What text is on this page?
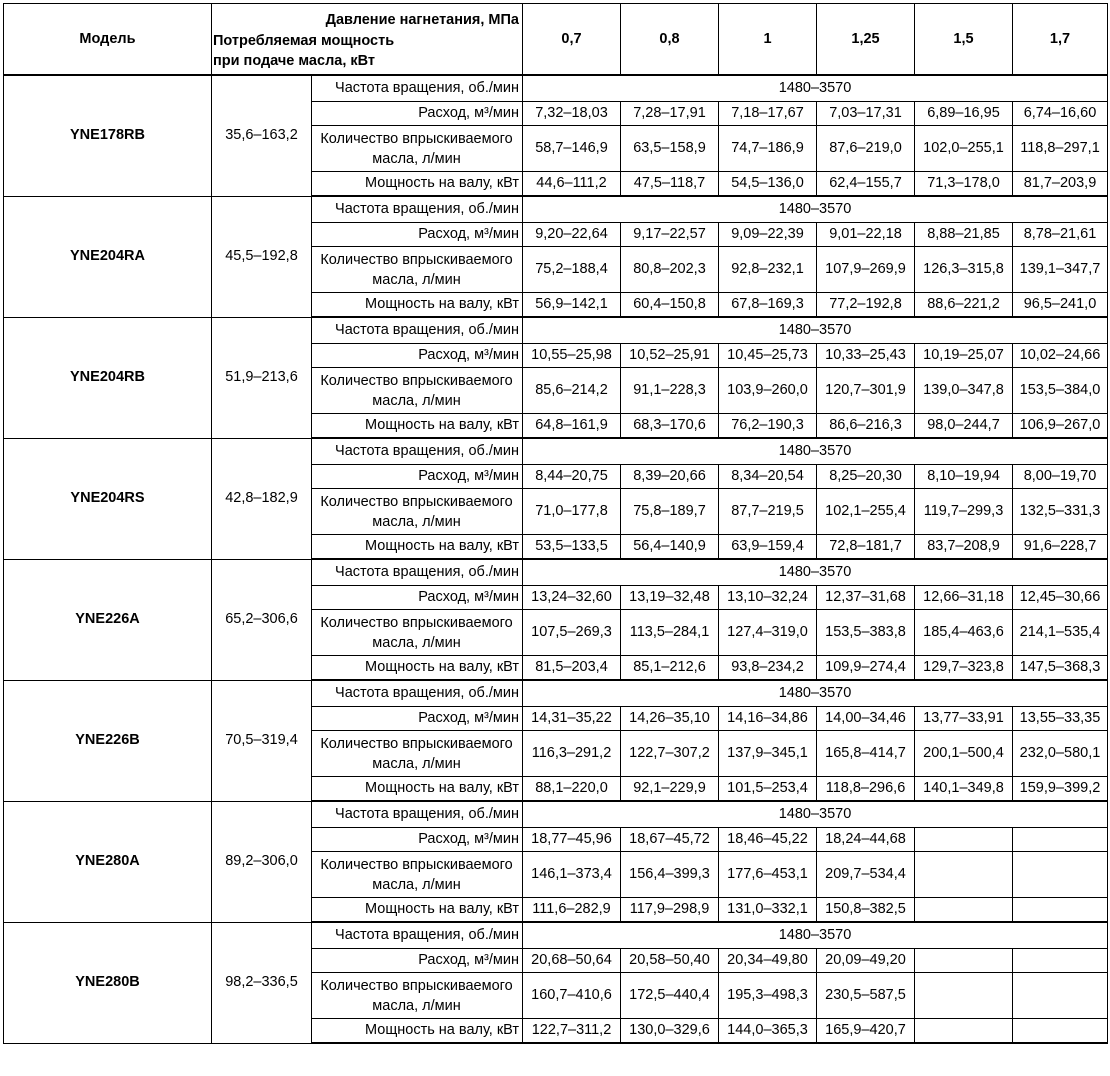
Модель	Давление нагнетания, МПа
Потребляемая мощность
при подаче масла, кВт		0,7	0,8	1	1,25	1,5	1,7
YNE178RB	35,6–163,2	Частота вращения, об./мин	1480–3570					
		Расход, м³/мин	7,32–18,03	7,28–17,91	7,18–17,67	7,03–17,31	6,89–16,95	6,74–16,60
		Количество впрыскиваемого масла, л/мин	58,7–146,9	63,5–158,9	74,7–186,9	87,6–219,0	102,0–255,1	118,8–297,1
		Мощность на валу, кВт	44,6–111,2	47,5–118,7	54,5–136,0	62,4–155,7	71,3–178,0	81,7–203,9
YNE204RA	45,5–192,8	Частота вращения, об./мин	1480–3570					
		Расход, м³/мин	9,20–22,64	9,17–22,57	9,09–22,39	9,01–22,18	8,88–21,85	8,78–21,61
		Количество впрыскиваемого масла, л/мин	75,2–188,4	80,8–202,3	92,8–232,1	107,9–269,9	126,3–315,8	139,1–347,7
		Мощность на валу, кВт	56,9–142,1	60,4–150,8	67,8–169,3	77,2–192,8	88,6–221,2	96,5–241,0
YNE204RB	51,9–213,6	Частота вращения, об./мин	1480–3570					
		Расход, м³/мин	10,55–25,98	10,52–25,91	10,45–25,73	10,33–25,43	10,19–25,07	10,02–24,66
		Количество впрыскиваемого масла, л/мин	85,6–214,2	91,1–228,3	103,9–260,0	120,7–301,9	139,0–347,8	153,5–384,0
		Мощность на валу, кВт	64,8–161,9	68,3–170,6	76,2–190,3	86,6–216,3	98,0–244,7	106,9–267,0
YNE204RS	42,8–182,9	Частота вращения, об./мин	1480–3570					
		Расход, м³/мин	8,44–20,75	8,39–20,66	8,34–20,54	8,25–20,30	8,10–19,94	8,00–19,70
		Количество впрыскиваемого масла, л/мин	71,0–177,8	75,8–189,7	87,7–219,5	102,1–255,4	119,7–299,3	132,5–331,3
		Мощность на валу, кВт	53,5–133,5	56,4–140,9	63,9–159,4	72,8–181,7	83,7–208,9	91,6–228,7
YNE226A	65,2–306,6	Частота вращения, об./мин	1480–3570					
		Расход, м³/мин	13,24–32,60	13,19–32,48	13,10–32,24	12,37–31,68	12,66–31,18	12,45–30,66
		Количество впрыскиваемого масла, л/мин	107,5–269,3	113,5–284,1	127,4–319,0	153,5–383,8	185,4–463,6	214,1–535,4
		Мощность на валу, кВт	81,5–203,4	85,1–212,6	93,8–234,2	109,9–274,4	129,7–323,8	147,5–368,3
YNE226B	70,5–319,4	Частота вращения, об./мин	1480–3570					
		Расход, м³/мин	14,31–35,22	14,26–35,10	14,16–34,86	14,00–34,46	13,77–33,91	13,55–33,35
		Количество впрыскиваемого масла, л/мин	116,3–291,2	122,7–307,2	137,9–345,1	165,8–414,7	200,1–500,4	232,0–580,1
		Мощность на валу, кВт	88,1–220,0	92,1–229,9	101,5–253,4	118,8–296,6	140,1–349,8	159,9–399,2
YNE280A	89,2–306,0	Частота вращения, об./мин	1480–3570					
		Расход, м³/мин	18,77–45,96	18,67–45,72	18,46–45,22	18,24–44,68		
		Количество впрыскиваемого масла, л/мин	146,1–373,4	156,4–399,3	177,6–453,1	209,7–534,4		
		Мощность на валу, кВт	111,6–282,9	117,9–298,9	131,0–332,1	150,8–382,5		
YNE280B	98,2–336,5	Частота вращения, об./мин	1480–3570					
		Расход, м³/мин	20,68–50,64	20,58–50,40	20,34–49,80	20,09–49,20		
		Количество впрыскиваемого масла, л/мин	160,7–410,6	172,5–440,4	195,3–498,3	230,5–587,5		
		Мощность на валу, кВт	122,7–311,2	130,0–329,6	144,0–365,3	165,9–420,7		
